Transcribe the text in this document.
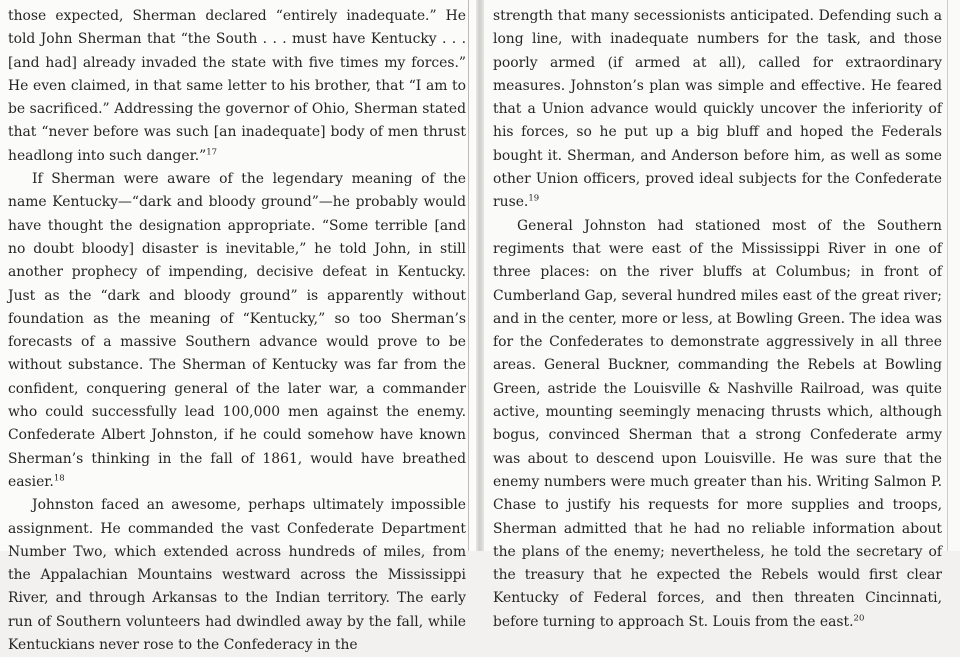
those expected, Sherman declared “entirely inadequate.” He told John Sherman that “the South . . . must have Kentucky . . . [and had] already invaded the state with five times my forces.” He even claimed, in that same letter to his brother, that “I am to be sacrificed.” Addressing the governor of Ohio, Sherman stated that “never before was such [an inadequate] body of men thrust headlong into such danger.”$^{17}$

If Sherman were aware of the legendary meaning of the name Kentucky—“dark and bloody ground”—he probably would have thought the designation appropriate. “Some terrible [and no doubt bloody] disaster is inevitable,” he told John, in still another prophecy of impending, decisive defeat in Kentucky. Just as the “dark and bloody ground” is apparently without foundation as the meaning of “Kentucky,” so too Sherman’s forecasts of a massive Southern advance would prove to be without substance. The Sherman of Kentucky was far from the confident, conquering general of the later war, a commander who could successfully lead 100,000 men against the enemy. Confederate Albert Johnston, if he could somehow have known Sherman’s thinking in the fall of 1861, would have breathed easier.$^{18}$

Johnston faced an awesome, perhaps ultimately impossible assignment. He commanded the vast Confederate Department Number Two, which extended across hundreds of miles, from the Appalachian Mountains westward across the Mississippi River, and through Arkansas to the Indian territory. The early run of Southern volunteers had dwindled away by the fall, while Kentuckians never rose to the Confederacy in the

strength that many secessionists anticipated. Defending such a long line, with inadequate numbers for the task, and those poorly armed (if armed at all), called for extraordinary measures. Johnston’s plan was simple and effective. He feared that a Union advance would quickly uncover the inferiority of his forces, so he put up a big bluff and hoped the Federals bought it. Sherman, and Anderson before him, as well as some other Union officers, proved ideal subjects for the Confederate ruse.$^{19}$

General Johnston had stationed most of the Southern regiments that were east of the Mississippi River in one of three places: on the river bluffs at Columbus; in front of Cumberland Gap, several hundred miles east of the great river; and in the center, more or less, at Bowling Green. The idea was for the Confederates to demonstrate aggressively in all three areas. General Buckner, commanding the Rebels at Bowling Green, astride the Louisville & Nashville Railroad, was quite active, mounting seemingly menacing thrusts which, although bogus, convinced Sherman that a strong Confederate army was about to descend upon Louisville. He was sure that the enemy numbers were much greater than his. Writing Salmon P. Chase to justify his requests for more supplies and troops, Sherman admitted that he had no reliable information about the plans of the enemy; nevertheless, he told the secretary of the treasury that he expected the Rebels would first clear Kentucky of Federal forces, and then threaten Cincinnati, before turning to approach St. Louis from the east.$^{20}$
